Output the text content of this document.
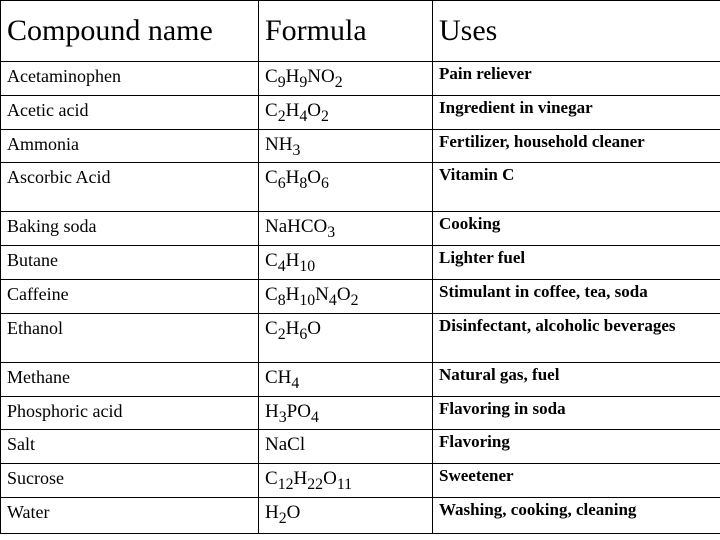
Compound name	Formula	Uses
Acetaminophen	$C_9H_9NO_2$	Pain reliever
Acetic acid	$C_2H_4O_2$	Ingredient in vinegar
Ammonia	$NH_3$	Fertilizer, household cleaner
Ascorbic Acid	$C_6H_8O_6$	Vitamin C
Baking soda	NaHCO$_3$	Cooking
Butane	$C_4H_{10}$	Lighter fuel
Caffeine	$C_8H_{10}N_4O_2$	Stimulant in coffee, tea, soda
Ethanol	$C_2H_6O$	Disinfectant, alcoholic beverages
Methane	$CH_4$	Natural gas, fuel
Phosphoric acid	$H_3PO_4$	Flavoring in soda
Salt	NaCl	Flavoring
Sucrose	$C_{12}H_{22}O_{11}$	Sweetener
Water	$H_2O$	Washing, cooking, cleaning
